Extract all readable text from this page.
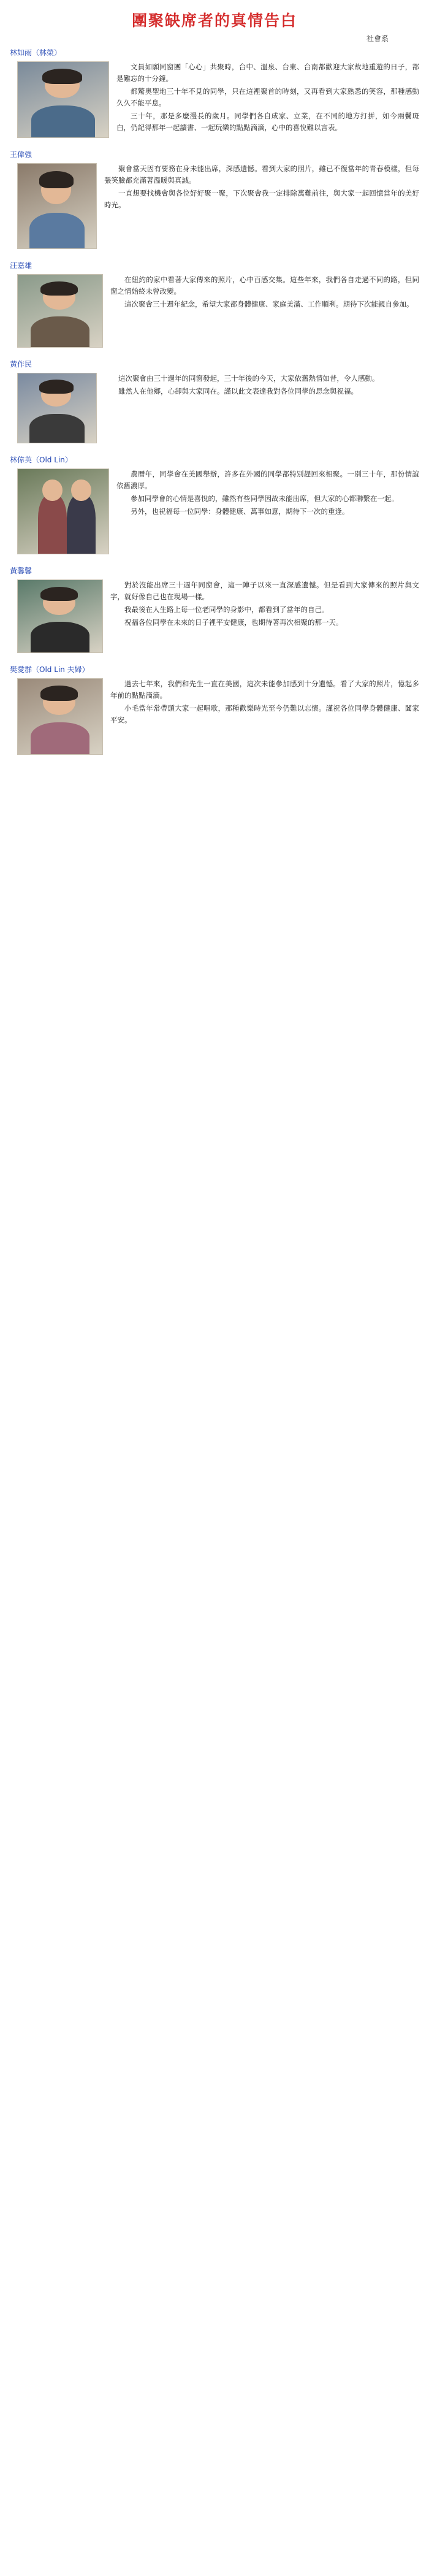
團聚缺席者的真情告白
社會系
林如雨（林榮）

文員如願同窗團「心心」共聚時，台中、溫泉、台東、台南都歡迎大家故地重遊的日子，都是難忘的十分鐘。

都驚奧聖地三十年不見的同學，只在這裡聚首的時刻，又再看到大家熟悉的笑容，那種感動久久不能平息。

三十年，那是多麼漫長的歲月。同學們各自成家、立業，在不同的地方打拼，如今兩鬢斑白，仍記得那年一起讀書、一起玩樂的點點滴滴，心中的喜悅難以言表。

王偉強

聚會當天因有要務在身未能出席，深感遺憾。看到大家的照片，雖已不復當年的青春模樣，但每張笑臉都充滿著溫暖與真誠。

一直想要找機會與各位好好聚一聚，下次聚會我一定排除萬難前往，與大家一起回憶當年的美好時光。

汪嘉雄

在紐約的家中看著大家傳來的照片，心中百感交集。這些年來，我們各自走過不同的路，但同窗之情始終未曾改變。

這次聚會三十週年紀念，希望大家都身體健康、家庭美滿、工作順利。期待下次能親自參加。

黃作民

這次聚會由三十週年的同窗發起，三十年後的今天，大家依舊熱情如昔，令人感動。

雖然人在他鄉，心卻與大家同在。謹以此文表達我對各位同學的思念與祝福。

林偉英（Old Lin）

農曆年，同學會在美國舉辦，許多在外國的同學都特別趕回來相聚。一別三十年，那份情誼依舊濃厚。

參加同學會的心情是喜悅的，雖然有些同學因故未能出席，但大家的心都聯繫在一起。

另外，也祝福每一位同學：身體健康、萬事如意，期待下一次的重逢。

黃馨馨

對於沒能出席三十週年同窗會，這一陣子以來一直深感遺憾。但是看到大家傳來的照片與文字，就好像自己也在現場一樣。

我最後在人生路上每一位老同學的身影中，都看到了當年的自己。

祝福各位同學在未來的日子裡平安健康，也期待著再次相聚的那一天。

樊愛群（Old Lin 夫婦）

過去七年來，我們和先生一直在美國，這次未能參加感到十分遺憾。看了大家的照片，憶起多年前的點點滴滴。

小毛當年常帶頭大家一起唱歌，那種歡樂時光至今仍難以忘懷。謹祝各位同學身體健康、闔家平安。
